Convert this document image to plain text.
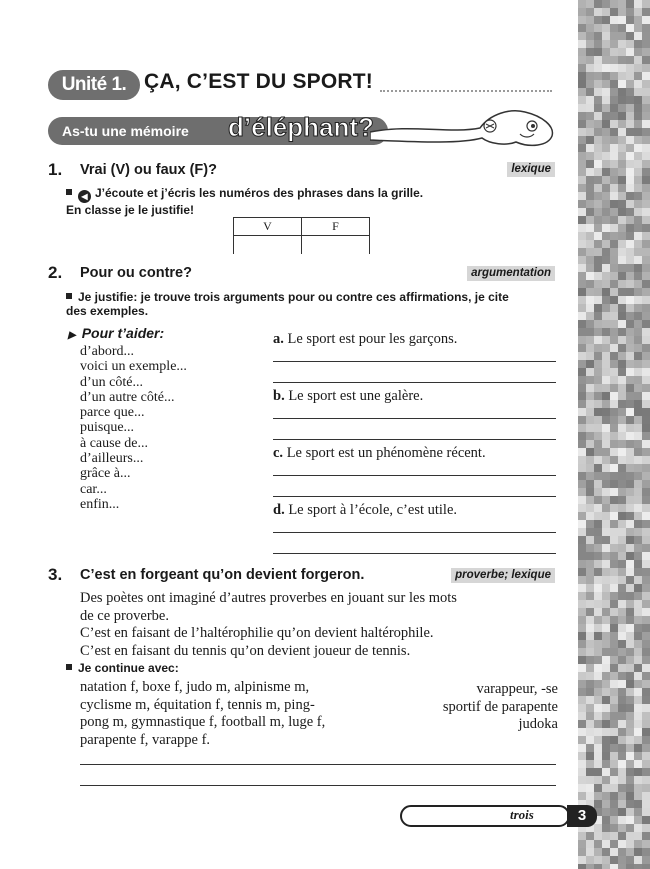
Unité 1. ÇA, C’EST DU SPORT!
As-tu une mémoire d’éléphant?
1. Vrai (V) ou faux (F)?	lexique
◀ J’écoute et j’écris les numéros des phrases dans la grille.
En classe je le justifie!
V	F

2. Pour ou contre?	argumentation
Je justifie: je trouve trois arguments pour ou contre ces affirmations, je cite
des exemples.
▶ Pour t’aider:
d’abord...
voici un exemple...
d’un côté...
d’un autre côté...
parce que...
puisque...
à cause de...
d’ailleurs...
grâce à...
car...
enfin...
a. Le sport est pour les garçons.
b. Le sport est une galère.
c. Le sport est un phénomène récent.
d. Le sport à l’école, c’est utile.
3. C’est en forgeant qu’on devient forgeron.	proverbe; lexique
Des poètes ont imaginé d’autres proverbes en jouant sur les mots
de ce proverbe.
C’est en faisant de l’haltérophilie qu’on devient haltérophile.
C’est en faisant du tennis qu’on devient joueur de tennis.
Je continue avec:
natation f, boxe f, judo m, alpinisme m,
cyclisme m, équitation f, tennis m, ping-
pong m, gymnastique f, football m, luge f,
parapente f, varappe f.
varappeur, -se
sportif de parapente
judoka
trois	3
